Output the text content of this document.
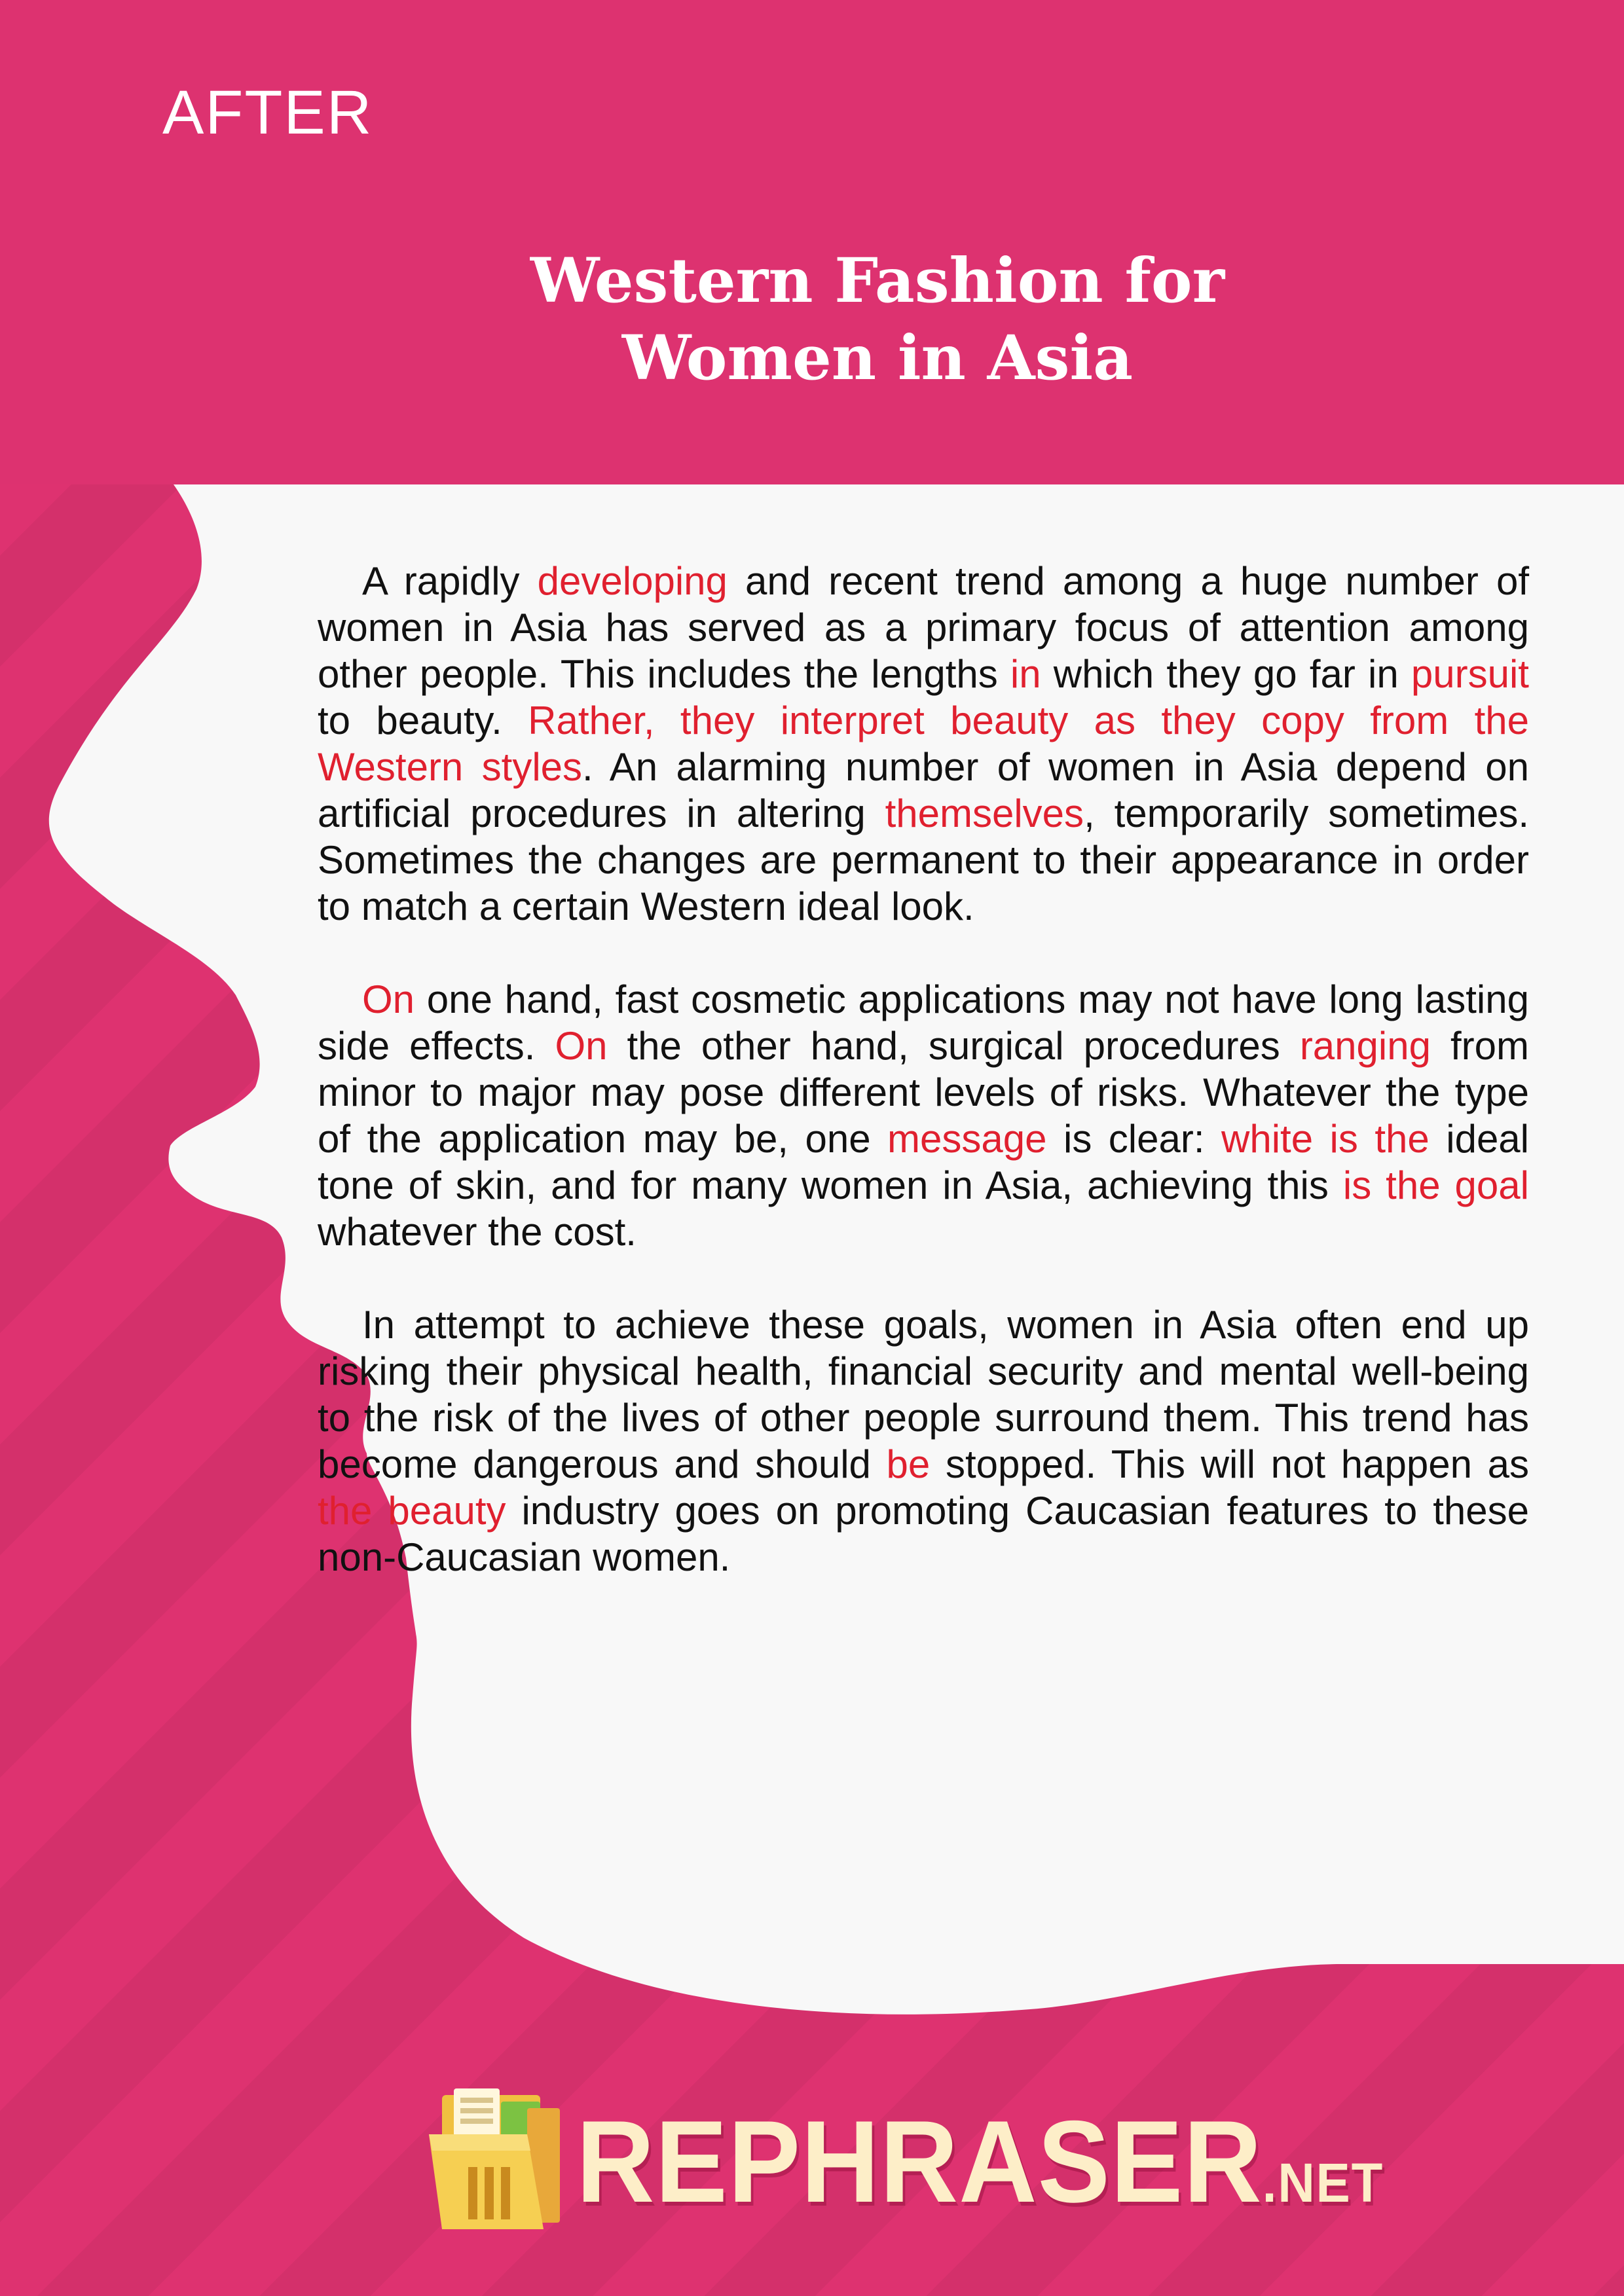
AFTER
Western Fashion for
Women in Asia

A rapidly developing and recent trend among a huge number of women in Asia has served as a primary focus of attention among other people. This includes the lengths in which they go far in pursuit to beauty. Rather, they interpret beauty as they copy from the Western styles. An alarming number of women in Asia depend on artificial procedures in altering themselves, temporarily sometimes. Sometimes the changes are permanent to their appearance in order to match a certain Western ideal look.

On one hand, fast cosmetic applications may not have long lasting side effects. On the other hand, surgical procedures ranging from minor to major may pose different levels of risks. Whatever the type of the application may be, one message is clear: white is the ideal tone of skin, and for many women in Asia, achieving this is the goal whatever the cost.

In attempt to achieve these goals, women in Asia often end up risking their physical health, financial security and mental well-being to the risk of the lives of other people surround them. This trend has become dangerous and should be stopped. This will not happen as the beauty industry goes on promoting Caucasian features to these non-Caucasian women.

REPHRASER.NET
